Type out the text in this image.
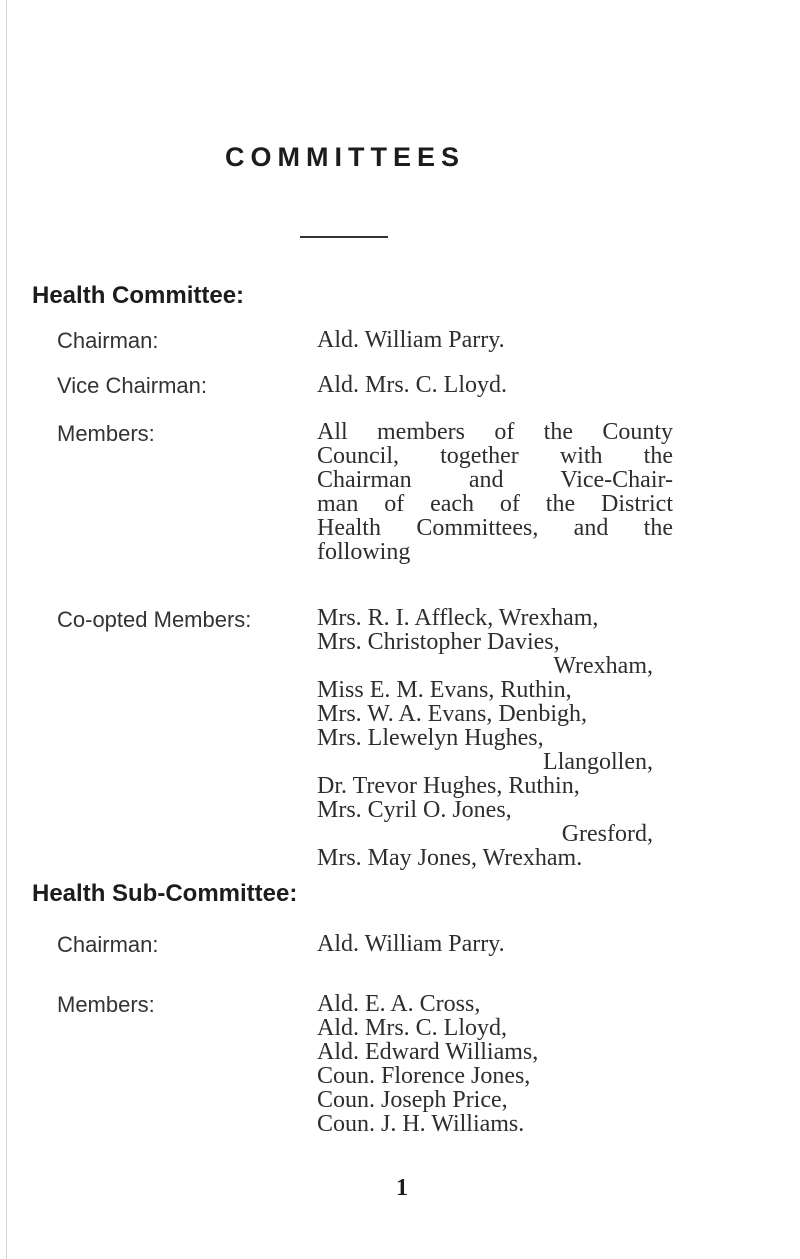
COMMITTEES
Health Committee:
Chairman:	Ald. William Parry.
Vice Chairman:	Ald. Mrs. C. Lloyd.
Members:	All members of the County
Council, together with the
Chairman and Vice-Chair-
man of each of the District
Health Committees, and the
following
Co-opted Members:	Mrs. R. I. Affleck, Wrexham,
Mrs. Christopher Davies,
Wrexham,
Miss E. M. Evans, Ruthin,
Mrs. W. A. Evans, Denbigh,
Mrs. Llewelyn Hughes,
Llangollen,
Dr. Trevor Hughes, Ruthin,
Mrs. Cyril O. Jones,
Gresford,
Mrs. May Jones, Wrexham.
Health Sub-Committee:
Chairman:	Ald. William Parry.
Members:	Ald. E. A. Cross,
Ald. Mrs. C. Lloyd,
Ald. Edward Williams,
Coun. Florence Jones,
Coun. Joseph Price,
Coun. J. H. Williams.
1
